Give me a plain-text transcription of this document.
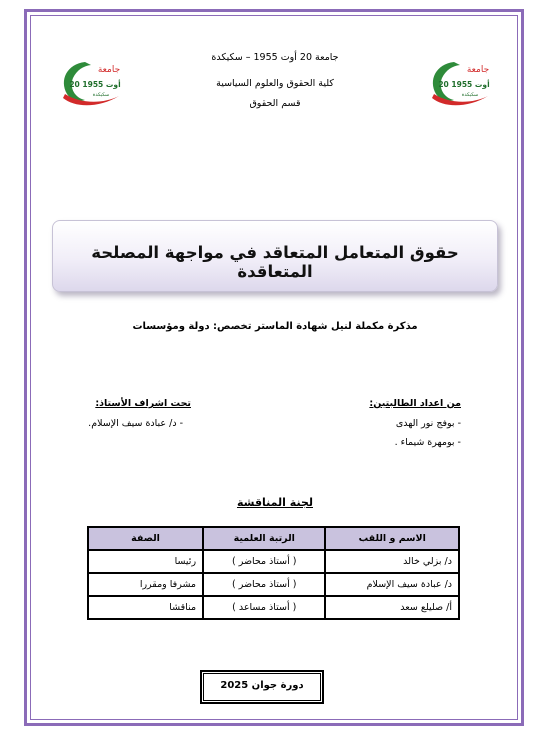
جامعة
20 أوت 1955
سكيكدة
جامعة
20 أوت 1955
سكيكدة
جامعة 20 أوت 1955 – سكيكدة
كلية الحقوق والعلوم السياسية
قسم الحقوق
حقوق المتعامل المتعاقد في مواجهة المصلحة المتعاقدة
مذكرة مكملة لنيل شهادة الماستر تخصص: دولة ومؤسسات
من اعداد الطالبتين:
- بوفج نور الهدى
- بومهرة شيماء .
تحت اشراف الأستاذ:
- د/ عبادة سيف الإسلام.
لجنة المناقشة
الاسم و اللقب	الرتبة العلمية	الصفة
د/ بزلي خالد	( أستاذ محاضر )	رئيسا
د/ عبادة سيف الإسلام	( أستاذ محاضر )	مشرفا ومقررا
أ/ صليلع سعد	( أستاذ مساعد )	مناقشا
دورة جوان 2025
